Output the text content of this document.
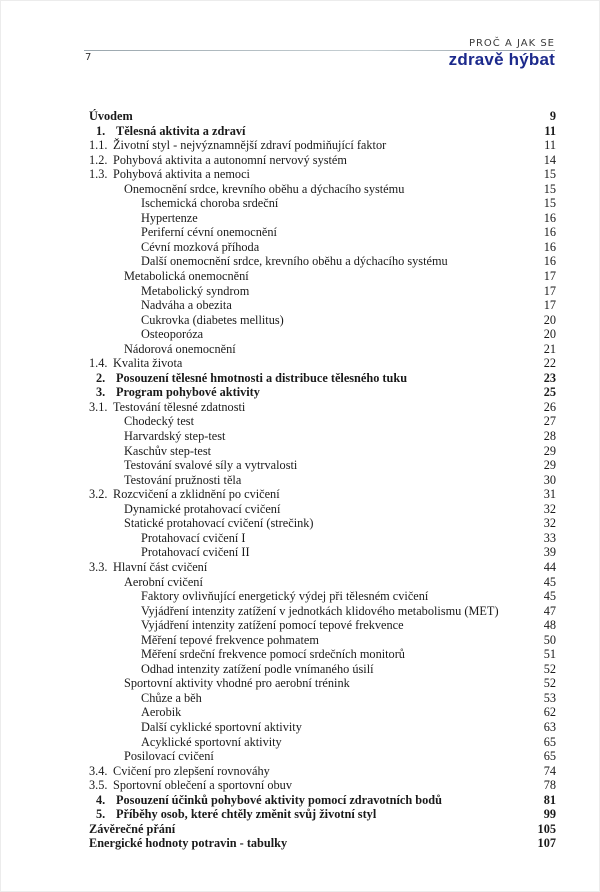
PROČ A JAK SE
7	zdravě hýbat
Úvodem	9
1. Tělesná aktivita a zdraví	11
1.1. Životní styl - nejvýznamnější zdraví podmiňující faktor	11
1.2. Pohybová aktivita a autonomní nervový systém	14
1.3. Pohybová aktivita a nemoci	15
Onemocnění srdce, krevního oběhu a dýchacího systému	15
Ischemická choroba srdeční	15
Hypertenze	16
Periferní cévní onemocnění	16
Cévní mozková příhoda	16
Další onemocnění srdce, krevního oběhu a dýchacího systému	16
Metabolická onemocnění	17
Metabolický syndrom	17
Nadváha a obezita	17
Cukrovka (diabetes mellitus)	20
Osteoporóza	20
Nádorová onemocnění	21
1.4. Kvalita života	22
2. Posouzení tělesné hmotnosti a distribuce tělesného tuku	23
3. Program pohybové aktivity	25
3.1. Testování tělesné zdatnosti	26
Chodecký test	27
Harvardský step-test	28
Kaschův step-test	29
Testování svalové síly a vytrvalosti	29
Testování pružnosti těla	30
3.2. Rozcvičení a zklidnění po cvičení	31
Dynamické protahovací cvičení	32
Statické protahovací cvičení (strečink)	32
Protahovací cvičení I	33
Protahovací cvičení II	39
3.3. Hlavní část cvičení	44
Aerobní cvičení	45
Faktory ovlivňující energetický výdej při tělesném cvičení	45
Vyjádření intenzity zatížení v jednotkách klidového metabolismu (MET)	47
Vyjádření intenzity zatížení pomocí tepové frekvence	48
Měření tepové frekvence pohmatem	50
Měření srdeční frekvence pomocí srdečních monitorů	51
Odhad intenzity zatížení podle vnímaného úsilí	52
Sportovní aktivity vhodné pro aerobní trénink	52
Chůze a běh	53
Aerobik	62
Další cyklické sportovní aktivity	63
Acyklické sportovní aktivity	65
Posilovací cvičení	65
3.4. Cvičení pro zlepšení rovnováhy	74
3.5. Sportovní oblečení a sportovní obuv	78
4. Posouzení účinků pohybové aktivity pomocí zdravotních bodů	81
5. Příběhy osob, které chtěly změnit svůj životní styl	99
Závěrečné přání	105
Energické hodnoty potravin - tabulky	107
